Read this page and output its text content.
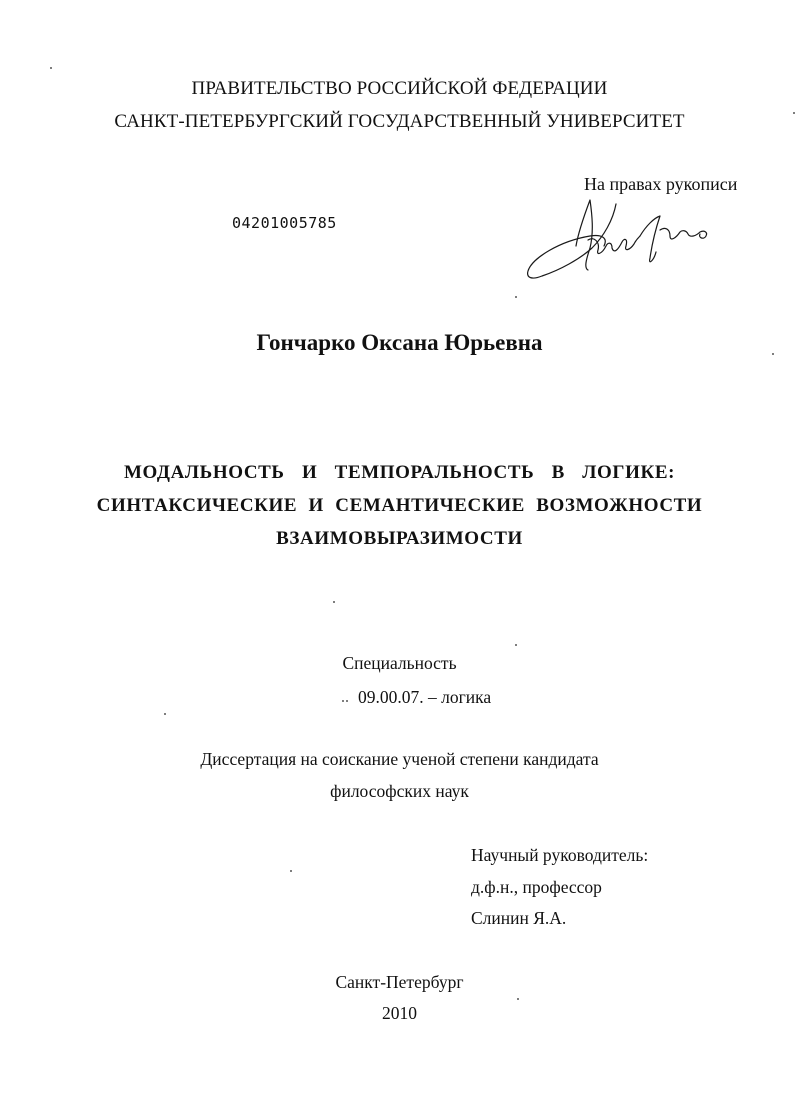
ПРАВИТЕЛЬСТВО РОССИЙСКОЙ ФЕДЕРАЦИИ
САНКТ-ПЕТЕРБУРГСКИЙ ГОСУДАРСТВЕННЫЙ УНИВЕРСИТЕТ
На правах рукописи
04201005785
Гончарко Оксана Юрьевна
МОДАЛЬНОСТЬ И ТЕМПОРАЛЬНОСТЬ В ЛОГИКЕ:
СИНТАКСИЧЕСКИЕ И СЕМАНТИЧЕСКИЕ ВОЗМОЖНОСТИ
ВЗАИМОВЫРАЗИМОСТИ
Специальность
09.00.07. – логика
Диссертация на соискание ученой степени кандидата
философских наук
Научный руководитель:
д.ф.н., профессор
Слинин Я.А.
Санкт-Петербург
2010
